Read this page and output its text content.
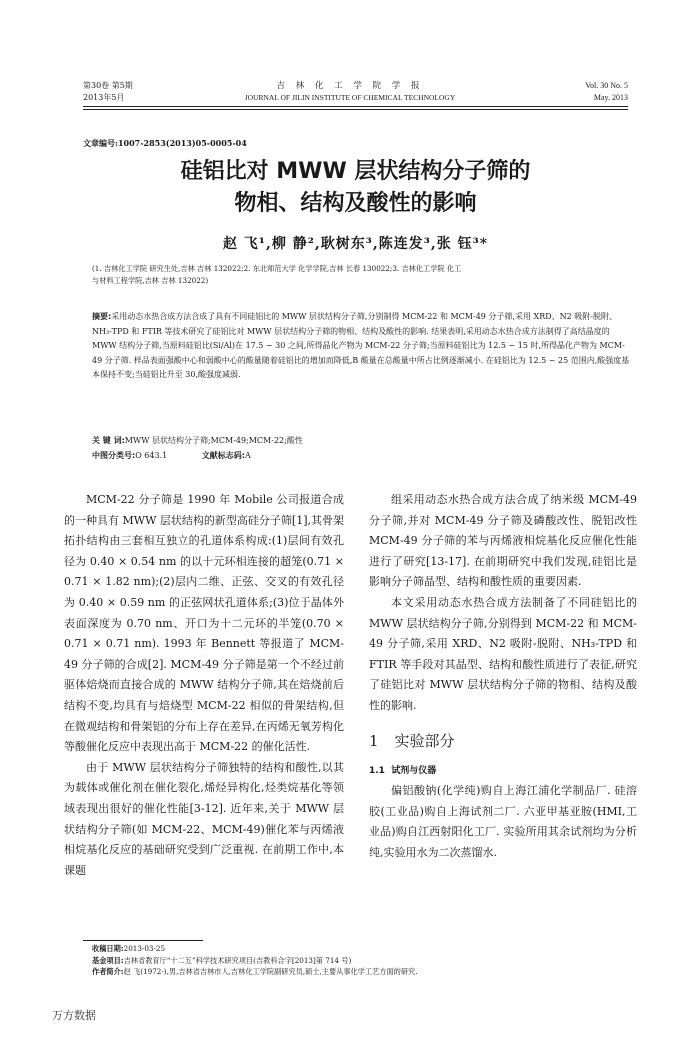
第30卷 第5期
2013年5月
吉 林 化 工 学 院 学 报
JOURNAL OF JILIN INSTITUTE OF CHEMICAL TECHNOLOGY
Vol. 30 No. 5
May. 2013
文章编号:1007-2853(2013)05-0005-04
硅铝比对 MWW 层状结构分子筛的
物相、结构及酸性的影响
赵 飞¹,柳 静²,耿树东³,陈连发³,张 钰³*
(1. 吉林化工学院 研究生处,吉林 吉林 132022;2. 东北师范大学 化学学院,吉林 长春 130022;3. 吉林化工学院 化工
与材料工程学院,吉林 吉林 132022)
摘要:采用动态水热合成方法合成了具有不同硅铝比的 MWW 层状结构分子筛,分别制得 MCM-22 和 MCM-49 分子筛,采用 XRD、N2 吸附-脱附、NH₃-TPD 和 FTIR 等技术研究了硅铝比对 MWW 层状结构分子筛的物相、结构及酸性的影响. 结果表明,采用动态水热合成方法制得了高结晶度的 MWW 结构分子筛,当原料硅铝比(Si/Al)在 17.5 ~ 30 之间,所得晶化产物为 MCM-22 分子筛;当原料硅铝比为 12.5 ~ 15 时,所得晶化产物为 MCM-49 分子筛. 样品表面强酸中心和弱酸中心的酸量随着硅铝比的增加而降低,B 酸量在总酸量中所占比例逐渐减小. 在硅铝比为 12.5 ~ 25 范围内,酸强度基本保持不变;当硅铝比升至 30,酸强度减弱.
关 键 词:MWW 层状结构分子筛;MCM-49;MCM-22;酸性
中图分类号:O 643.1	文献标志码:A

MCM-22 分子筛是 1990 年 Mobile 公司报道合成的一种具有 MWW 层状结构的新型高硅分子筛[1],其骨架拓扑结构由三套相互独立的孔道体系构成:(1)层间有效孔径为 0.40 × 0.54 nm 的以十元环相连接的超笼(0.71 × 0.71 × 1.82 nm);(2)层内二维、正弦、交叉的有效孔径为 0.40 × 0.59 nm 的正弦网状孔道体系;(3)位于晶体外表面深度为 0.70 nm、开口为十二元环的半笼(0.70 × 0.71 × 0.71 nm). 1993 年 Bennett 等报道了 MCM-49 分子筛的合成[2]. MCM-49 分子筛是第一个不经过前驱体焙烧而直接合成的 MWW 结构分子筛,其在焙烧前后结构不变,均具有与焙烧型 MCM-22 相似的骨架结构,但在微观结构和骨架铝的分布上存在差异,在丙烯无氧芳构化等酸催化反应中表现出高于 MCM-22 的催化活性.

由于 MWW 层状结构分子筛独特的结构和酸性,以其为载体或催化剂在催化裂化,烯烃异构化,烃类烷基化等领域表现出很好的催化性能[3-12]. 近年来,关于 MWW 层状结构分子筛(如 MCM-22、MCM-49)催化苯与丙烯液相烷基化反应的基础研究受到广泛重视. 在前期工作中,本课题

组采用动态水热合成方法合成了纳米级 MCM-49 分子筛,并对 MCM-49 分子筛及磷酸改性、脱铝改性 MCM-49 分子筛的苯与丙烯液相烷基化反应催化性能进行了研究[13-17]. 在前期研究中我们发现,硅铝比是影响分子筛晶型、结构和酸性质的重要因素.

本文采用动态水热合成方法制备了不同硅铝比的 MWW 层状结构分子筛,分别得到 MCM-22 和 MCM-49 分子筛,采用 XRD、N2 吸附-脱附、NH₃-TPD 和 FTIR 等手段对其晶型、结构和酸性质进行了表征,研究了硅铝比对 MWW 层状结构分子筛的物相、结构及酸性的影响.

1 实验部分
1.1 试剂与仪器

偏铝酸钠(化学纯)购自上海江浦化学制品厂. 硅溶胶(工业品)购自上海试剂二厂. 六亚甲基亚胺(HMI,工业品)购自江西射阳化工厂. 实验所用其余试剂均为分析纯,实验用水为二次蒸馏水.

收稿日期:2013-03-25
基金项目:吉林省教育厅“十二五”科学技术研究项目(吉教科合字[2013]第 714 号)
作者简介:赵 飞(1972-),男,吉林省吉林市人,吉林化工学院副研究员,硕士,主要从事化学工艺方面的研究.
万方数据
